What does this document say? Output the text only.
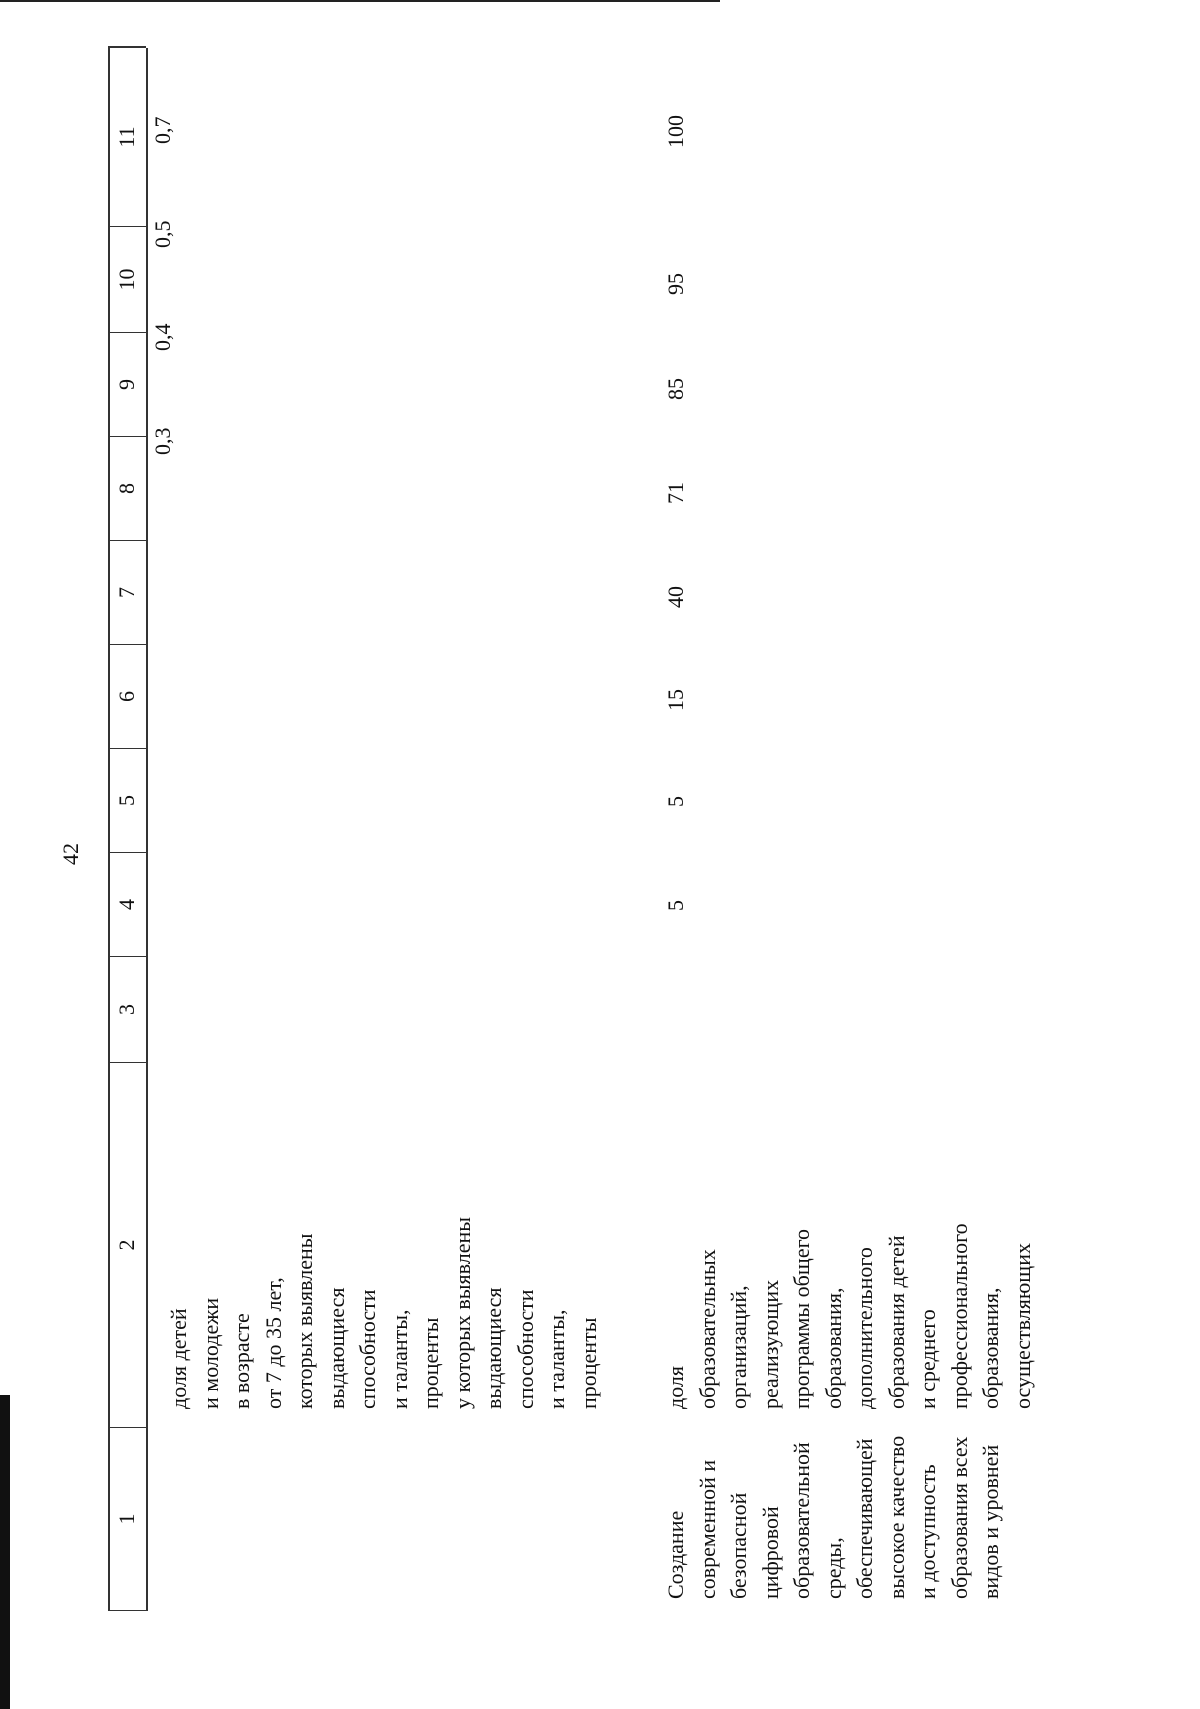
42
1
2
3
4
5
6
7
8
9
10
11
доля детей и молодежи в возрасте от 7 до 35 лет, которых выявлены выдающиеся способности и таланты, проценты у которых выявлены выдающиеся способности и таланты, проценты
0,3
0,4
0,5
0,7
Создание современной и безопасной цифровой образовательной среды, обеспечивающей высокое качество и доступность образования всех видов и уровней
доля образовательных организаций, реализующих программы общего образования, дополнительного образования детей и среднего профессионального образования, осуществляющих
5
5
15
40
71
85
95
100
